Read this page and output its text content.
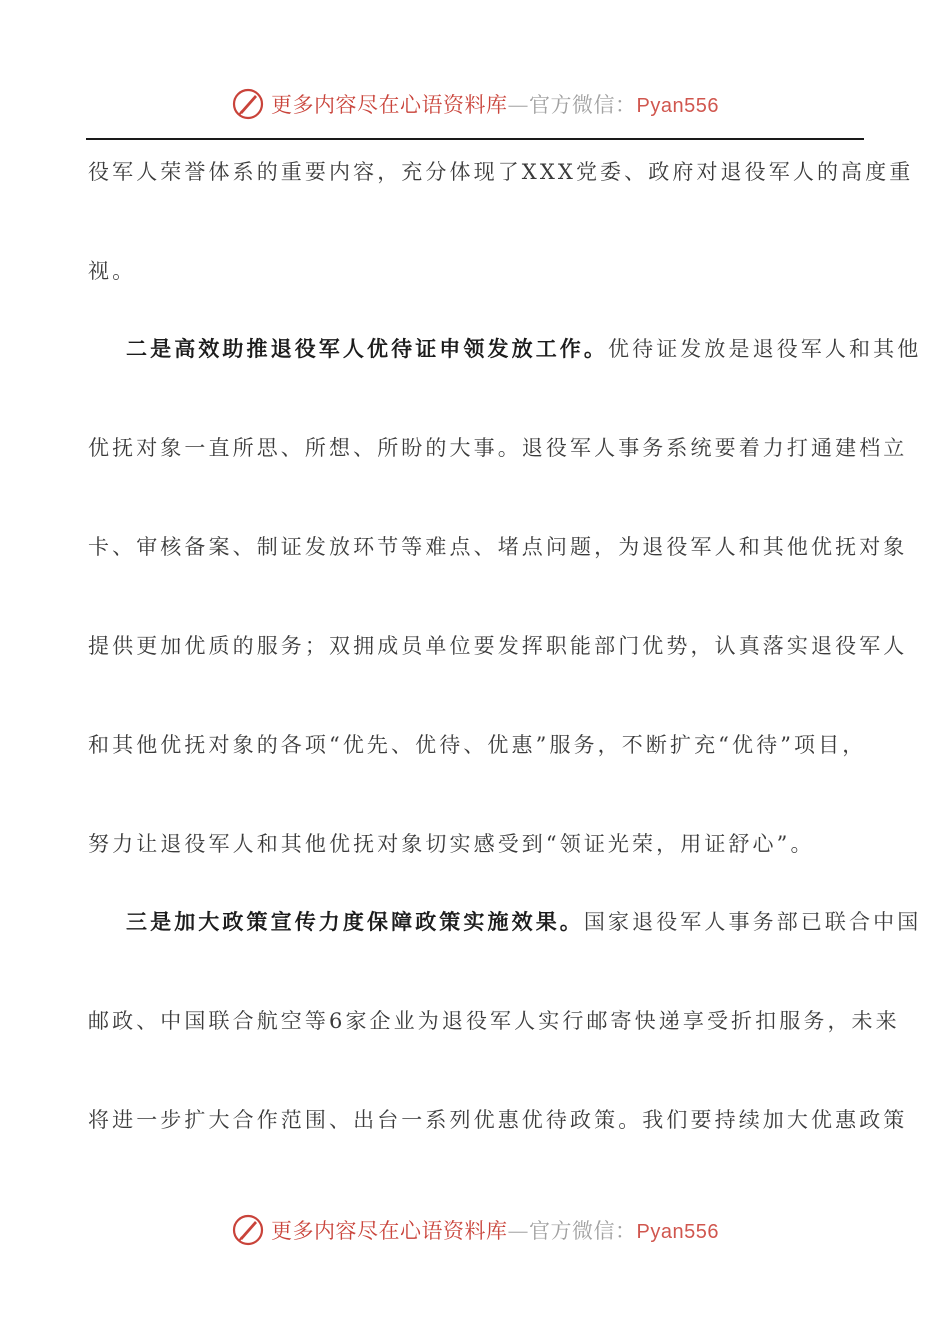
更多内容尽在心语资料库—官方微信：Pyan556
役军人荣誉体系的重要内容，充分体现了XXX党委、政府对退役军人的高度重
视。
二是高效助推退役军人优待证申领发放工作。优待证发放是退役军人和其他
优抚对象一直所思、所想、所盼的大事。退役军人事务系统要着力打通建档立
卡、审核备案、制证发放环节等难点、堵点问题，为退役军人和其他优抚对象
提供更加优质的服务；双拥成员单位要发挥职能部门优势，认真落实退役军人
和其他优抚对象的各项“优先、优待、优惠”服务，不断扩充“优待”项目，
努力让退役军人和其他优抚对象切实感受到“领证光荣，用证舒心”。
三是加大政策宣传力度保障政策实施效果。国家退役军人事务部已联合中国
邮政、中国联合航空等6家企业为退役军人实行邮寄快递享受折扣服务，未来
将进一步扩大合作范围、出台一系列优惠优待政策。我们要持续加大优惠政策
更多内容尽在心语资料库—官方微信：Pyan556
